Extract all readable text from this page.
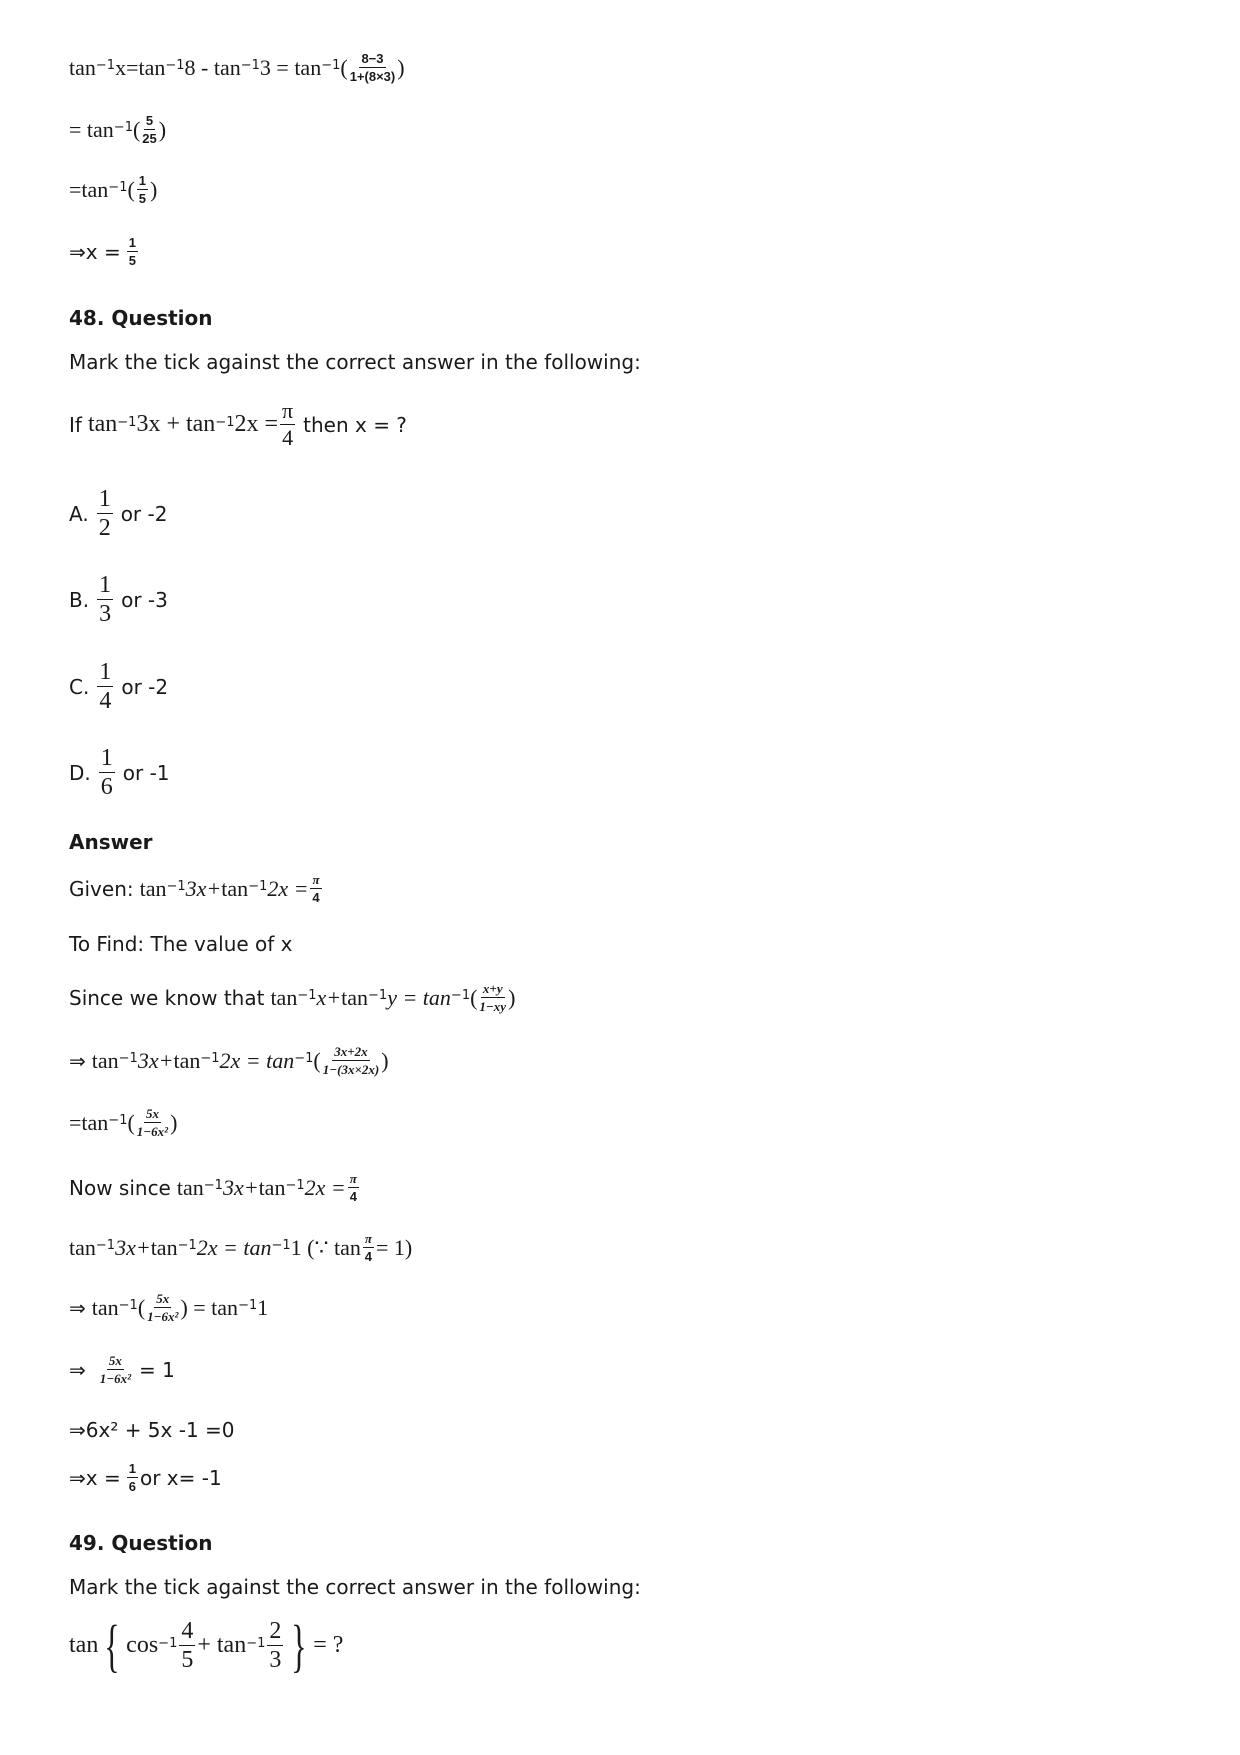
$\tan^{-1} x=\tan^{-1}$ $8 - \tan^{-1} 3 = \tan^{-1}$ ( $\frac{8-3}{1+(8\times 3)}$ )
= $\tan^{-1}$ ( $\frac{5}{25}$ )
$=\tan^{-1}$ ( $\frac{1}{5}$ )
⇒x = $\frac{1}{5}$
48. Question
Mark the tick against the correct answer in the following:
If $\tan^{-1} 3x + \tan^{-1} 2x = \frac{\pi}{4}$ then x = ?
A. $\frac{1}{2}$ or -2
B. $\frac{1}{3}$ or -3
C. $\frac{1}{4}$ or -2
D. $\frac{1}{6}$ or -1
Answer
Given: $\tan^{-1} 3x+ \tan^{-1} 2x = \frac{\pi}{4}$
To Find: The value of x
Since we know that $\tan^{-1} x+ \tan^{-1} y = \tan^{-1}$ ( $\frac{x+y}{1-xy}$ )
⇒ $\tan^{-1} 3x+ \tan^{-1} 2x = \tan^{-1}$ ( $\frac{3x+2x}{1-(3x\times 2x)}$ )
$=\tan^{-1}$ ( $\frac{5x}{\text{1−6x²}}$ )
Now since $\tan^{-1} 3x+ \tan^{-1} 2x = \frac{\pi}{4}$
$\tan^{-1} 3x+ \tan^{-1} 2x = \tan^{-1} 1$ (∵ $\tan \frac{\pi}{4} = 1$)
⇒ $\tan^{-1}$ ( $\frac{5x}{\text{1−6x²}}$ ) = $\tan^{-1} 1$
⇒ $\frac{5x}{\text{1−6x²}} = 1$
⇒6x² + 5x -1 =0
⇒x = $\frac{1}{6}$ or x= -1
49. Question
Mark the tick against the correct answer in the following:
tan { $\cos^{-1} \frac{4}{5} + \tan^{-1} \frac{2}{3}$ } = ?
